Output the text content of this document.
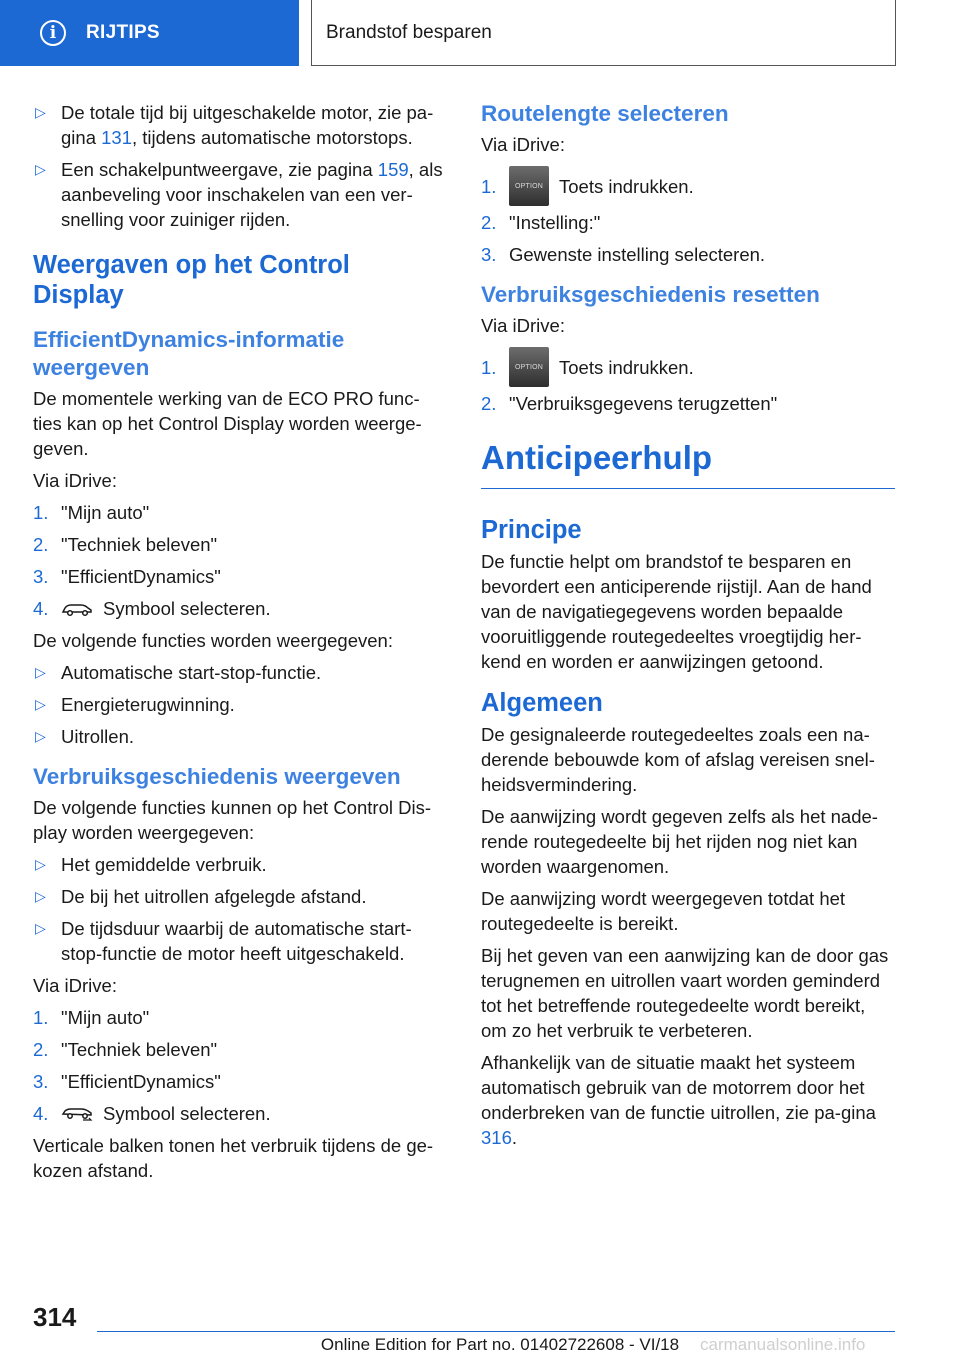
i	RIJTIPS	Brandstof besparen
▷ De totale tijd bij uitgeschakelde motor, zie pa-gina 131, tijdens automatische motorstops.
▷ Een schakelpuntweergave, zie pagina 159, als aanbeveling voor inschakelen van een ver-snelling voor zuiniger rijden.
Weergaven op het Control Display
EfficientDynamics-informatie weergeven

De momentele werking van de ECO PRO func-ties kan op het Control Display worden weerge-geven.

Via iDrive:

1. "Mijn auto"
2. "Techniek beleven"
3. "EfficientDynamics"
4.	Symbool selecteren.

De volgende functies worden weergegeven:

▷ Automatische start-stop-functie.
▷ Energieterugwinning.
▷ Uitrollen.
Verbruiksgeschiedenis weergeven

De volgende functies kunnen op het Control Dis-play worden weergegeven:

▷ Het gemiddelde verbruik.
▷ De bij het uitrollen afgelegde afstand.
▷ De tijdsduur waarbij de automatische start-stop-functie de motor heeft uitgeschakeld.

Via iDrive:

1. "Mijn auto"
2. "Techniek beleven"
3. "EfficientDynamics"
4.	Symbool selecteren.

Verticale balken tonen het verbruik tijdens de ge-kozen afstand.

Routelengte selecteren

Via iDrive:

1.	OPTION Toets indrukken.
2. "Instelling:"
3. Gewenste instelling selecteren.
Verbruiksgeschiedenis resetten

Via iDrive:

1.	OPTION Toets indrukken.
2. "Verbruiksgegevens terugzetten"
Anticipeerhulp
Principe

De functie helpt om brandstof te besparen en bevordert een anticiperende rijstijl. Aan de hand van de navigatiegegevens worden bepaalde vooruitliggende routegedeeltes vroegtijdig her-kend en worden er aanwijzingen getoond.

Algemeen

De gesignaleerde routegedeeltes zoals een na-derende bebouwde kom of afslag vereisen snel-heidsvermindering.

De aanwijzing wordt gegeven zelfs als het nade-rende routegedeelte bij het rijden nog niet kan worden waargenomen.

De aanwijzing wordt weergegeven totdat het routegedeelte is bereikt.

Bij het geven van een aanwijzing kan de door gas terugnemen en uitrollen vaart worden geminderd tot het betreffende routegedeelte wordt bereikt, om zo het verbruik te verbeteren.

Afhankelijk van de situatie maakt het systeem automatisch gebruik van de motorrem door het onderbreken van de functie uitrollen, zie pa-gina 316.

314
Online Edition for Part no. 01402722608 - VI/18	carmanualsonline.info
